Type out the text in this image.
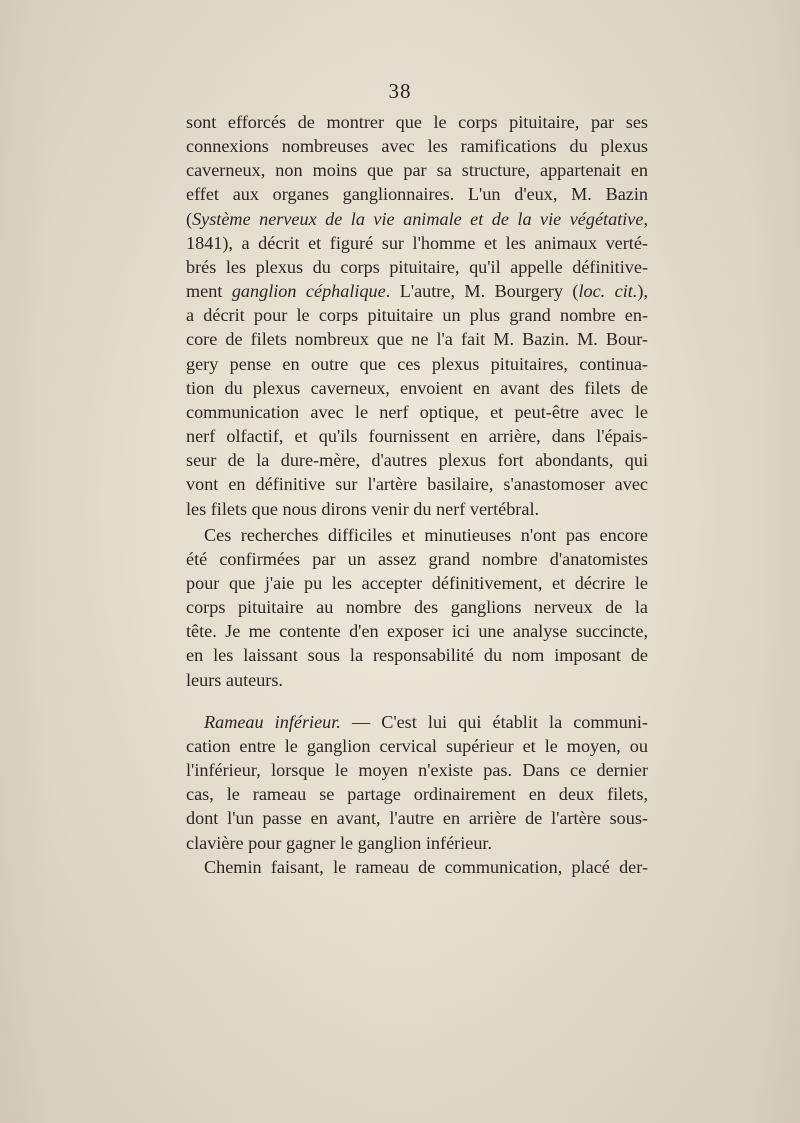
38

sont efforcés de montrer que le corps pituitaire, par ses
connexions nombreuses avec les ramifications du plexus
caverneux, non moins que par sa structure, appartenait en
effet aux organes ganglionnaires. L'un d'eux, M. Bazin
(Système nerveux de la vie animale et de la vie végétative,
1841), a décrit et figuré sur l'homme et les animaux verté-
brés les plexus du corps pituitaire, qu'il appelle définitive-
ment ganglion céphalique. L'autre, M. Bourgery (loc. cit.),
a décrit pour le corps pituitaire un plus grand nombre en-
core de filets nombreux que ne l'a fait M. Bazin. M. Bour-
gery pense en outre que ces plexus pituitaires, continua-
tion du plexus caverneux, envoient en avant des filets de
communication avec le nerf optique, et peut-être avec le
nerf olfactif, et qu'ils fournissent en arrière, dans l'épais-
seur de la dure-mère, d'autres plexus fort abondants, qui
vont en définitive sur l'artère basilaire, s'anastomoser avec
les filets que nous dirons venir du nerf vertébral.

Ces recherches difficiles et minutieuses n'ont pas encore
été confirmées par un assez grand nombre d'anatomistes
pour que j'aie pu les accepter définitivement, et décrire le
corps pituitaire au nombre des ganglions nerveux de la
tête. Je me contente d'en exposer ici une analyse succincte,
en les laissant sous la responsabilité du nom imposant de
leurs auteurs.

Rameau inférieur. — C'est lui qui établit la communi-
cation entre le ganglion cervical supérieur et le moyen, ou
l'inférieur, lorsque le moyen n'existe pas. Dans ce dernier
cas, le rameau se partage ordinairement en deux filets,
dont l'un passe en avant, l'autre en arrière de l'artère sous-
clavière pour gagner le ganglion inférieur.

Chemin faisant, le rameau de communication, placé der-
